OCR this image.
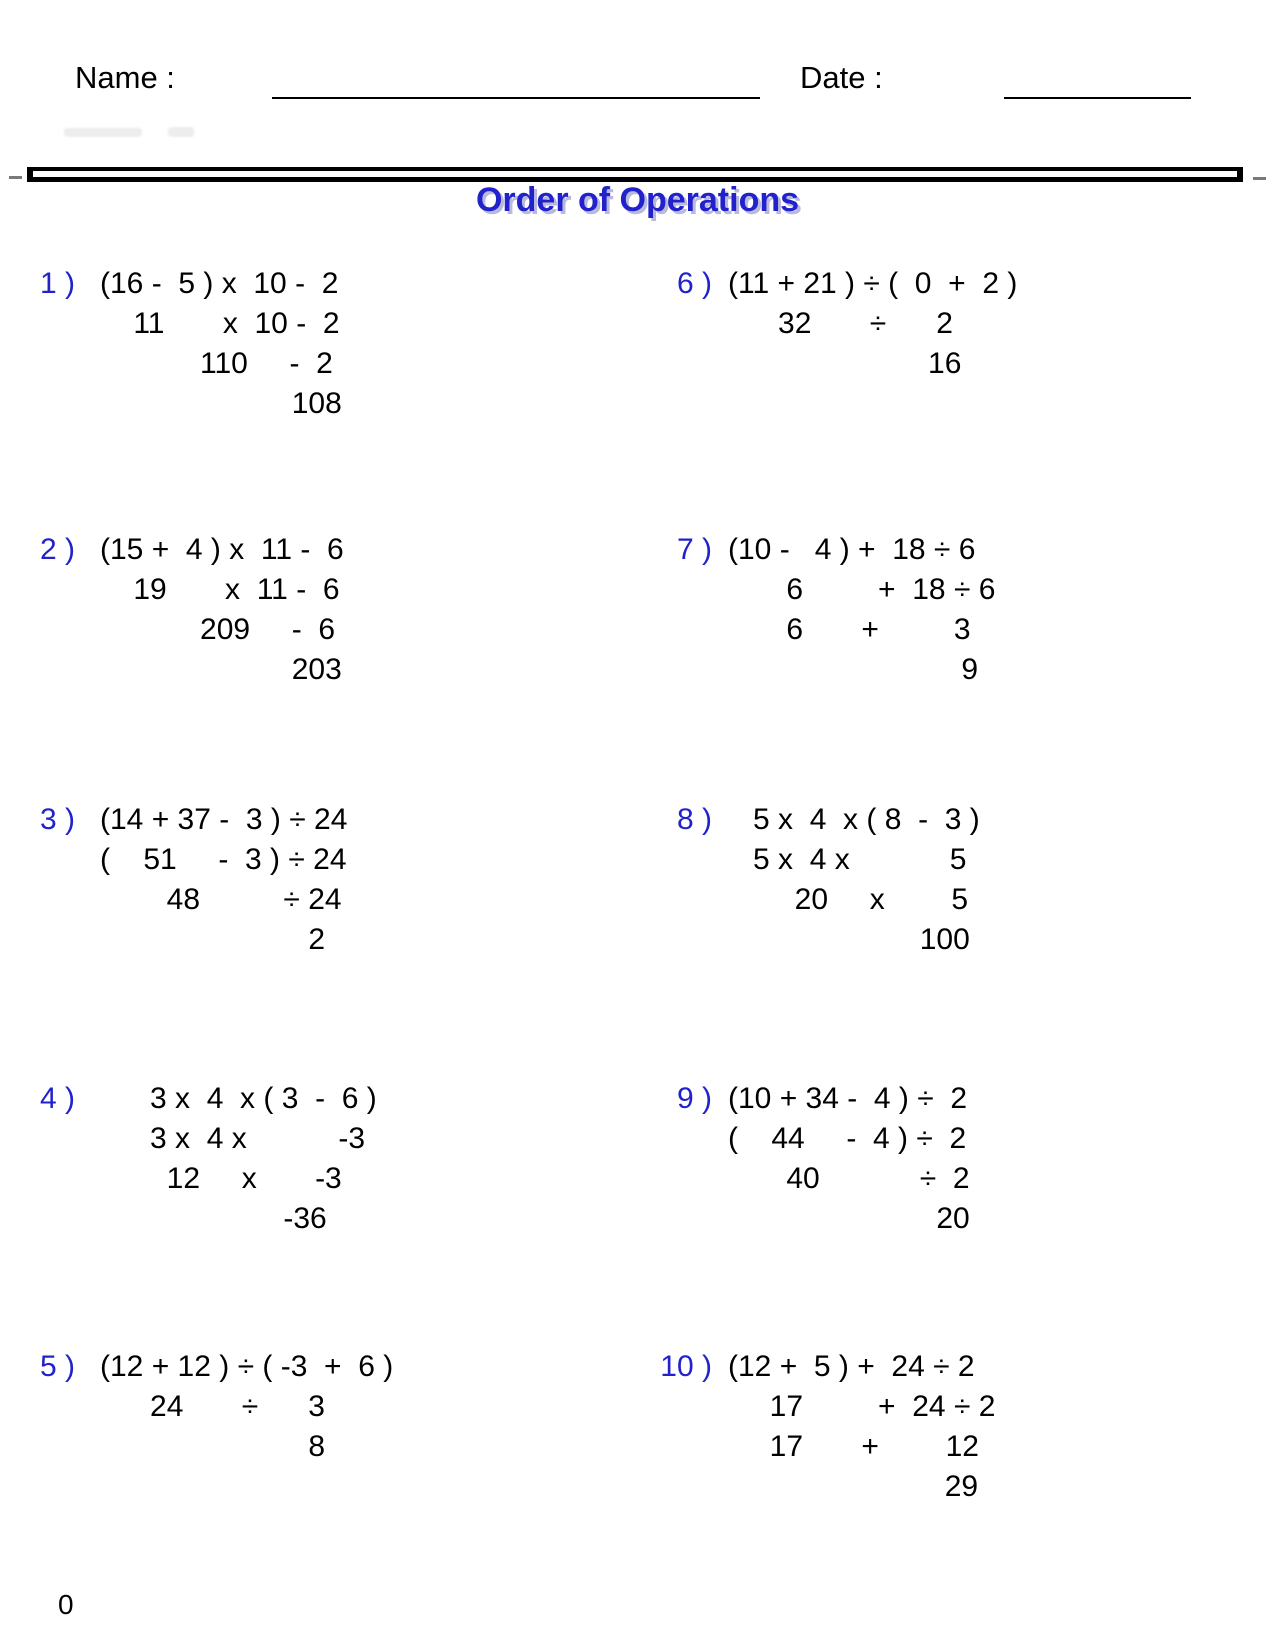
Name :	Date :
Order of Operations
1 ) (16 -  5 ) x  10 -  2
11       x  10 -  2
110     -  2
108
2 ) (15 +  4 ) x  11 -  6
19       x  11 -  6
209     -  6
203
3 ) (14 + 37 -  3 ) ÷ 24
(    51     -  3 ) ÷ 24
48          ÷ 24
2
4 ) 3 x  4  x ( 3  -  6 )
3 x  4 x           -3
12     x       -3
-36
5 ) (12 + 12 ) ÷ ( -3  +  6 )
24       ÷      3
8
6 ) (11 + 21 ) ÷ (  0  +  2 )
32       ÷      2
16
7 ) (10 -   4 ) +  18 ÷ 6
6         +  18 ÷ 6
6       +         3
9
8 ) 5 x  4  x ( 8  -  3 )
5 x  4 x            5
20     x        5
100
9 ) (10 + 34 -  4 ) ÷  2
(    44     -  4 ) ÷  2
40            ÷  2
20
10 ) (12 +  5 ) +  24 ÷ 2
17         +  24 ÷ 2
17       +        12
29
0
